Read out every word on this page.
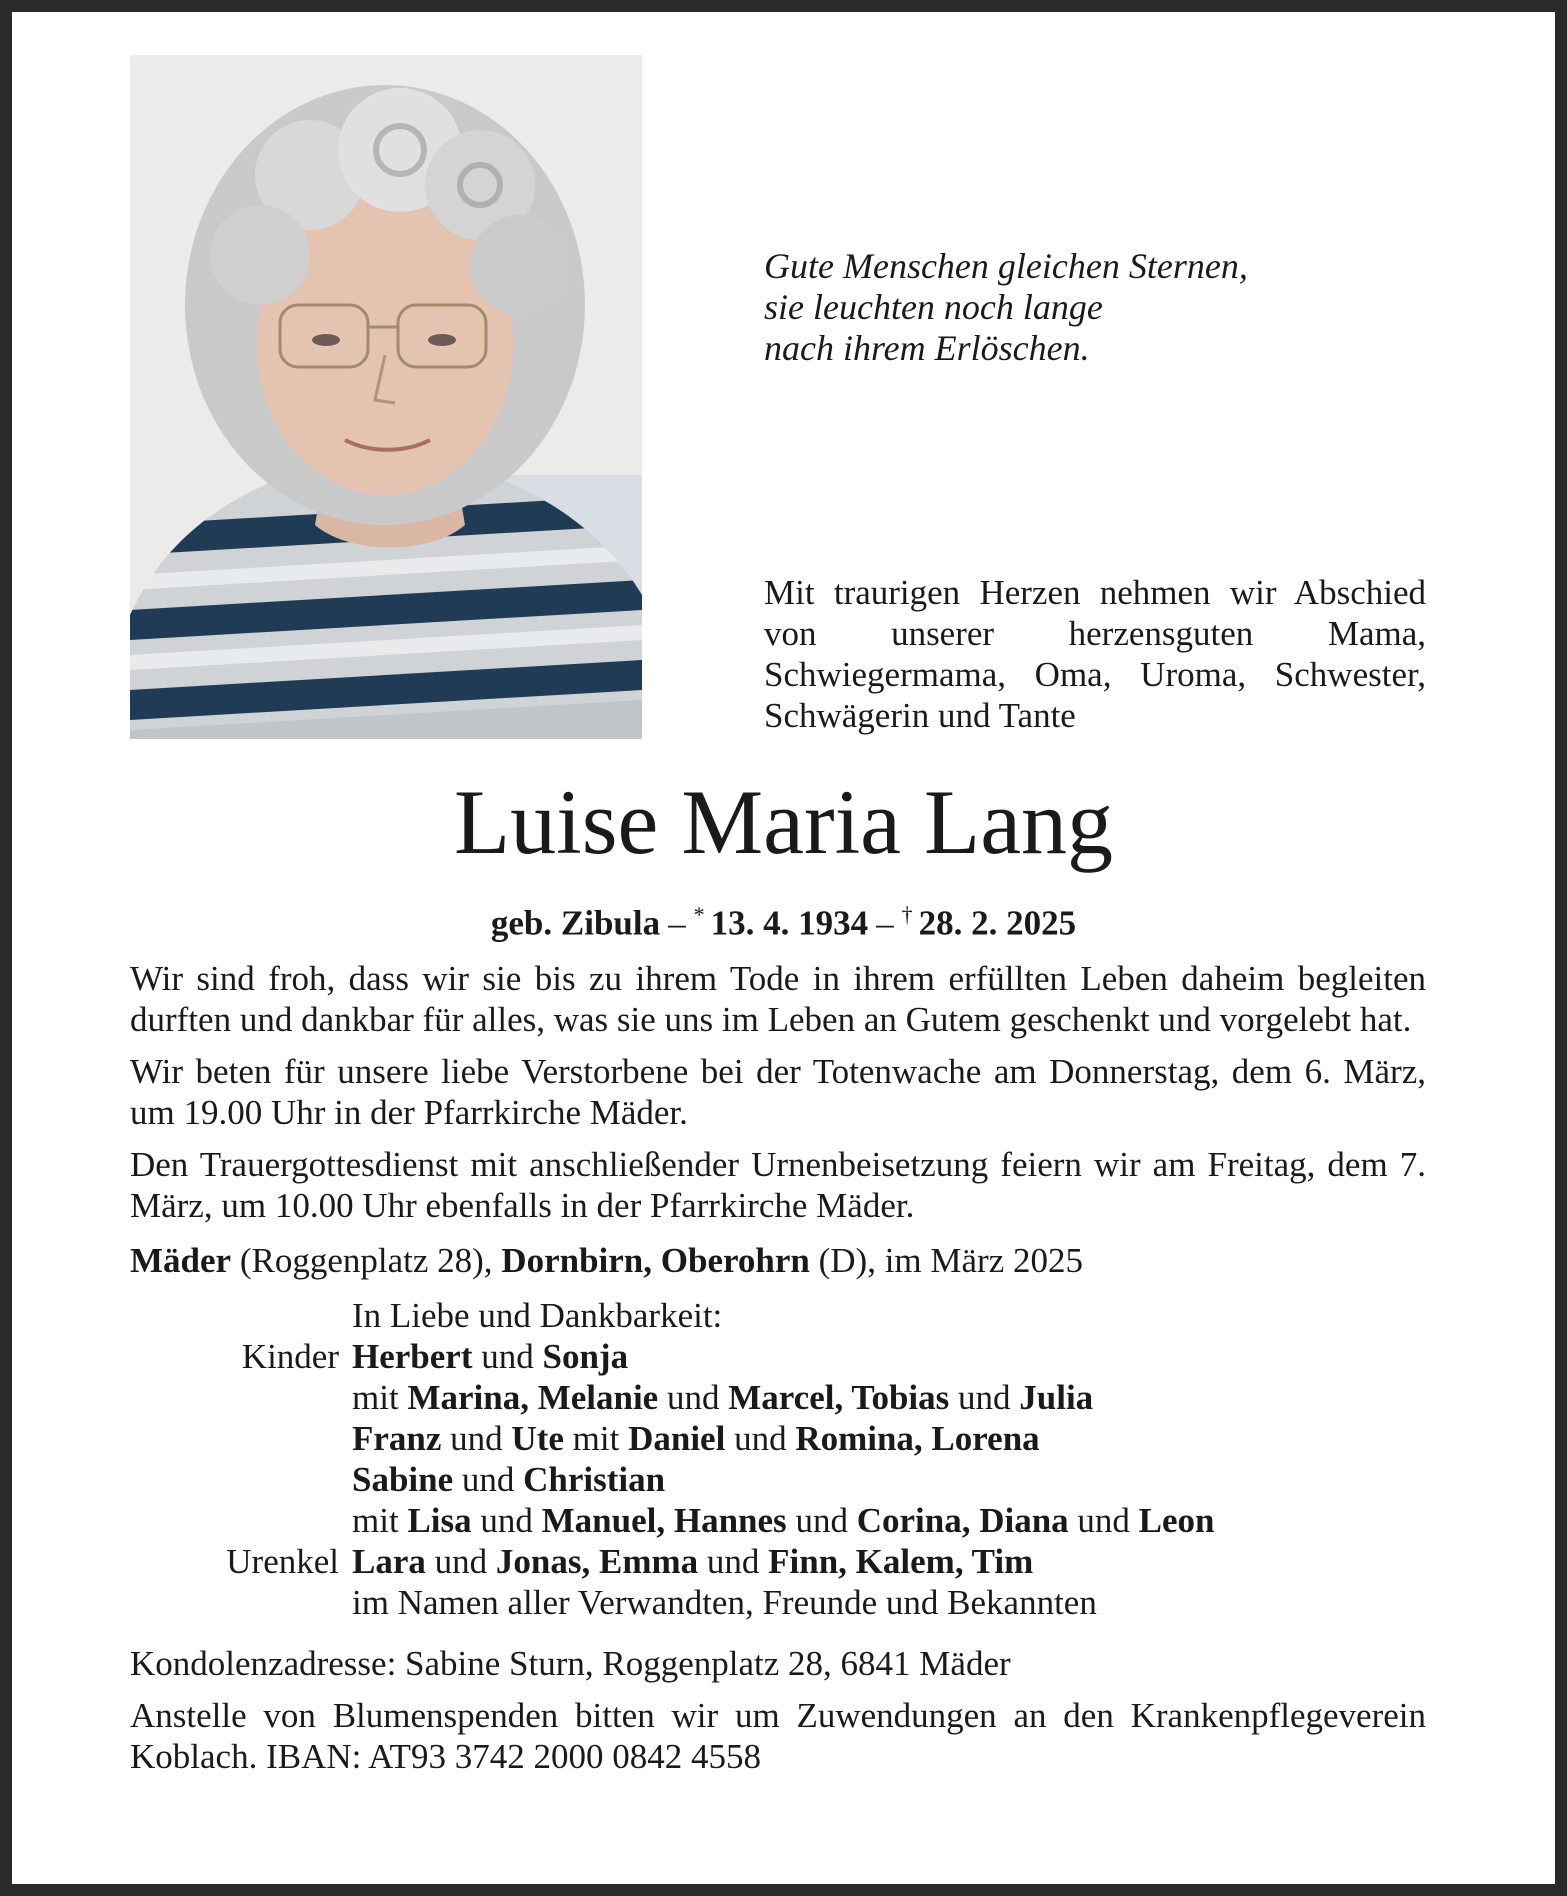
Gute Menschen gleichen Sternen,
sie leuchten noch lange
nach ihrem Erlöschen.
Mit traurigen Herzen nehmen wir Abschied von unserer herzensguten Mama, Schwiegermama, Oma, Uroma, Schwester, Schwägerin und Tante
Luise Maria Lang
geb. Zibula – * 13. 4. 1934 – † 28. 2. 2025

Wir sind froh, dass wir sie bis zu ihrem Tode in ihrem erfüllten Leben daheim begleiten durften und dankbar für alles, was sie uns im Leben an Gutem geschenkt und vorgelebt hat.

Wir beten für unsere liebe Verstorbene bei der Totenwache am Donnerstag, dem 6. März, um 19.00 Uhr in der Pfarrkirche Mäder.

Den Trauergottesdienst mit anschließender Urnenbeisetzung feiern wir am Freitag, dem 7. März, um 10.00 Uhr ebenfalls in der Pfarrkirche Mäder.

Mäder (Roggenplatz 28), Dornbirn, Oberohrn (D), im März 2025

In Liebe und Dankbarkeit:
Kinder Herbert und Sonja
mit Marina, Melanie und Marcel, Tobias und Julia
Franz und Ute mit Daniel und Romina, Lorena
Sabine und Christian
mit Lisa und Manuel, Hannes und Corina, Diana und Leon
Urenkel Lara und Jonas, Emma und Finn, Kalem, Tim
im Namen aller Verwandten, Freunde und Bekannten

Kondolenzadresse: Sabine Sturn, Roggenplatz 28, 6841 Mäder

Anstelle von Blumenspenden bitten wir um Zuwendungen an den Krankenpflegeverein Koblach. IBAN: AT93 3742 2000 0842 4558
